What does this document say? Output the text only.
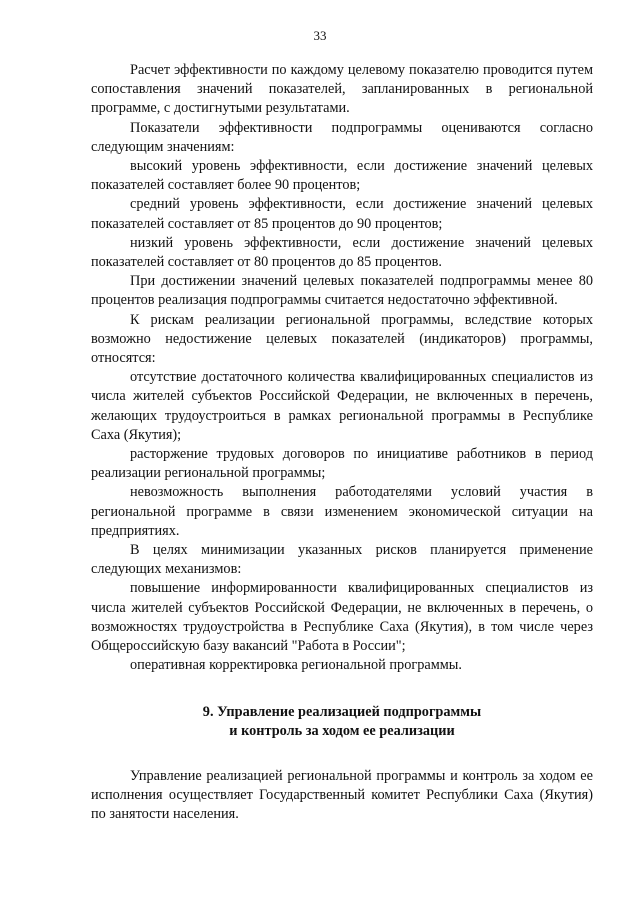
33

Расчет эффективности по каждому целевому показателю проводится путем сопоставления значений показателей, запланированных в региональной программе, с достигнутыми результатами.

Показатели эффективности подпрограммы оцениваются согласно следующим значениям:

высокий уровень эффективности, если достижение значений целевых показателей составляет более 90 процентов;

средний уровень эффективности, если достижение значений целевых показателей составляет от 85 процентов до 90 процентов;

низкий уровень эффективности, если достижение значений целевых показателей составляет от 80 процентов до 85 процентов.

При достижении значений целевых показателей подпрограммы менее 80 процентов реализация подпрограммы считается недостаточно эффективной.

К рискам реализации региональной программы, вследствие которых возможно недостижение целевых показателей (индикаторов) программы, относятся:

отсутствие достаточного количества квалифицированных специалистов из числа жителей субъектов Российской Федерации, не включенных в перечень, желающих трудоустроиться в рамках региональной программы в Республике Саха (Якутия);

расторжение трудовых договоров по инициативе работников в период реализации региональной программы;

невозможность выполнения работодателями условий участия в региональной программе в связи изменением экономической ситуации на предприятиях.

В целях минимизации указанных рисков планируется применение следующих механизмов:

повышение информированности квалифицированных специалистов из числа жителей субъектов Российской Федерации, не включенных в перечень, о возможностях трудоустройства в Республике Саха (Якутия), в том числе через Общероссийскую базу вакансий "Работа в России";

оперативная корректировка региональной программы.

9. Управление реализацией подпрограммы
и контроль за ходом ее реализации

Управление реализацией региональной программы и контроль за ходом ее исполнения осуществляет Государственный комитет Республики Саха (Якутия) по занятости населения.
